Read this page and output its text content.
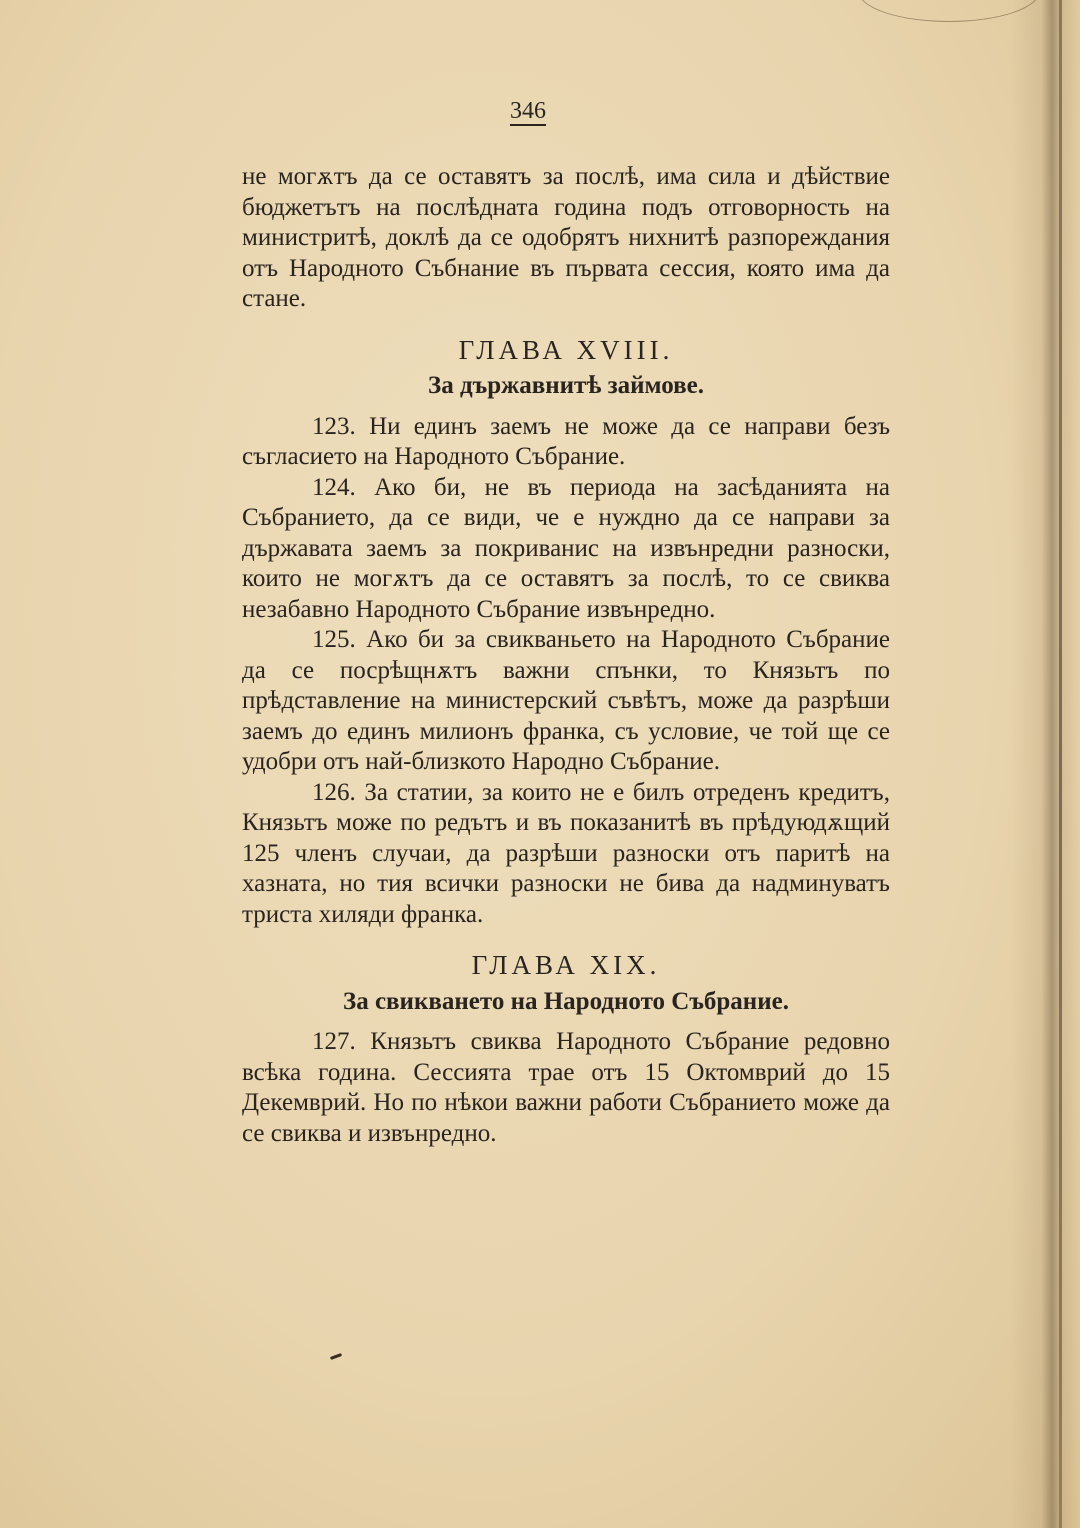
346

не могѫтъ да се оставятъ за послѣ, има сила и дѣйствие бюджетътъ на послѣдната година подъ отговорность на министритѣ, доклѣ да се одобрятъ нихнитѣ разпореждания отъ Народното Събнание въ първата сессия, която има да стане.

ГЛАВА XVIII.

За държавнитѣ займове.

123. Ни единъ заемъ не може да се направи безъ съгласието на Народното Събрание.

124. Ако би, не въ периода на засѣданията на Събранието, да се види, че е нуждно да се направи за държавата заемъ за покриванис на извънредни разноски, които не могѫтъ да се оставятъ за послѣ, то се свиква незабавно Народното Събрание извънредно.

125. Ако би за свикваньето на Народното Събрание да се посрѣщнѫтъ важни спънки, то Князьтъ по прѣдставление на министерский съвѣтъ, може да разрѣши заемъ до единъ милионъ франка, съ условие, че той ще се удобри отъ най-близкото Народно Събрание.

126. За статии, за които не е билъ отреденъ кредитъ, Князьтъ може по редътъ и въ показанитѣ въ прѣдуюдѫщий 125 членъ случаи, да разрѣши разноски отъ паритѣ на хазната, но тия всички разноски не бива да надминуватъ триста хиляди франка.

ГЛАВА XIX.

За свикването на Народното Събрание.

127. Князьтъ свиква Народното Събрание редовно всѣка година. Сессията трае отъ 15 Октомврий до 15 Декемврий. Но по нѣкои важни работи Събранието може да се свиква и извънредно.
